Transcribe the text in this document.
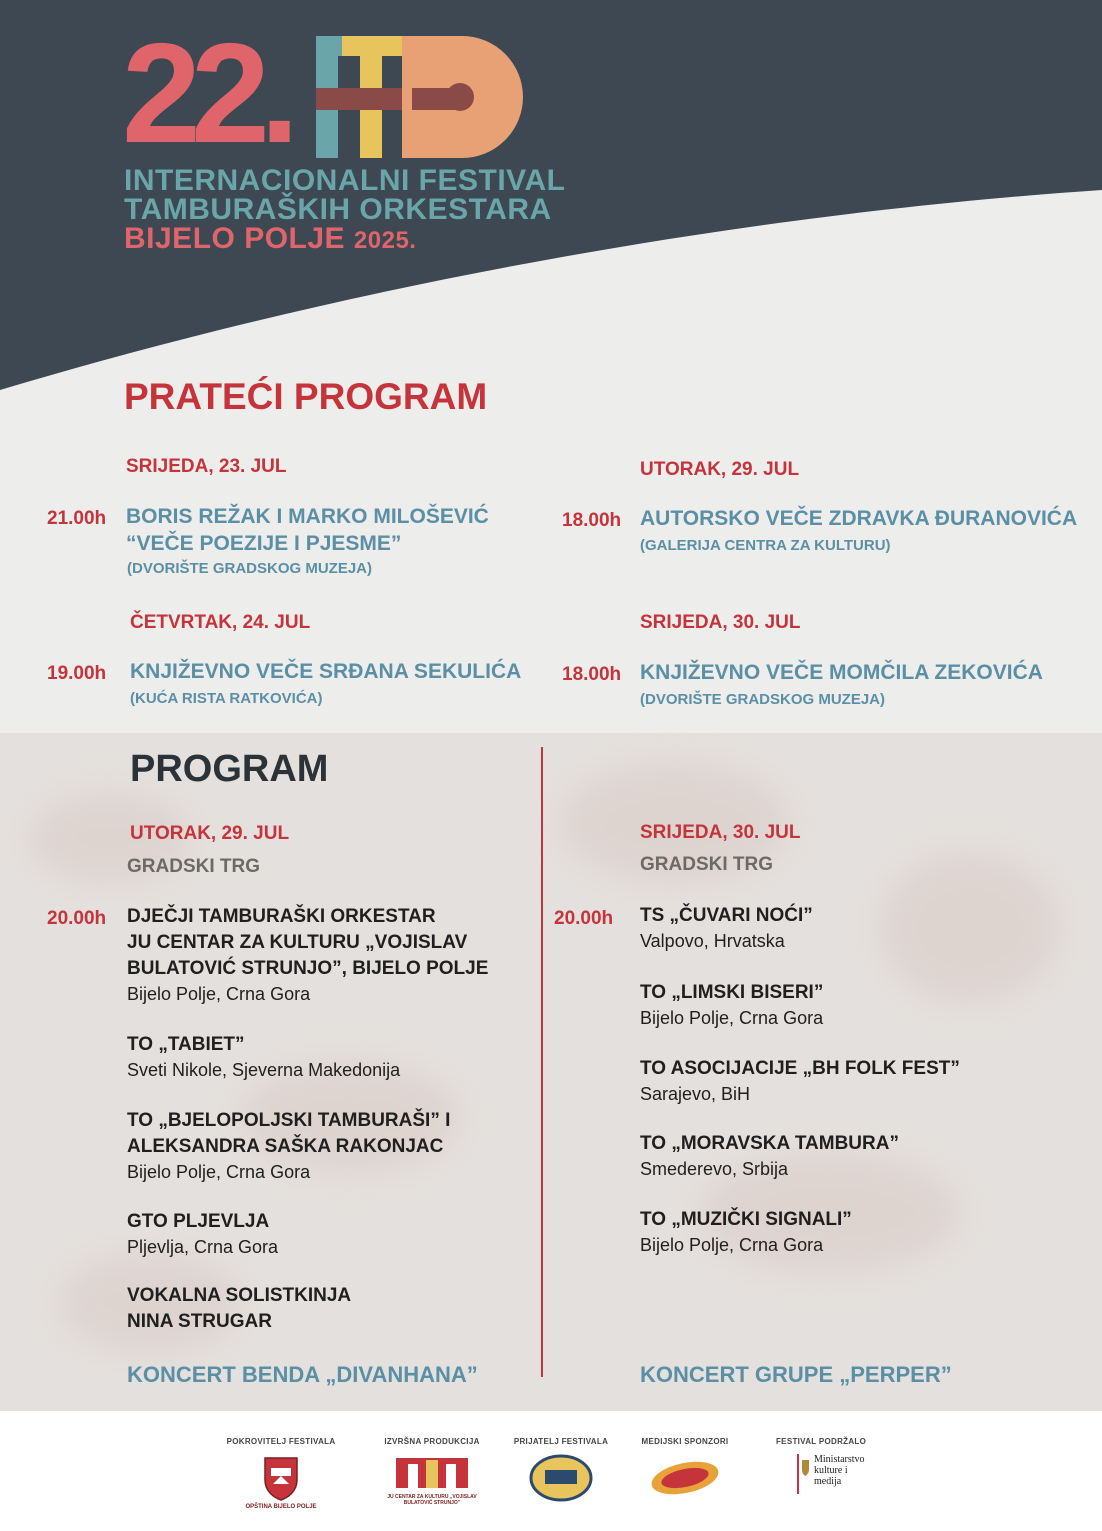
22.
INTERNACIONALNI FESTIVAL
TAMBURAŠKIH ORKESTARA
BIJELO POLJE 2025.
PRATEĆI PROGRAM
SRIJEDA, 23. JUL
21.00h BORIS REŽAK I MARKO MILOŠEVIĆ
“VEČE POEZIJE I PJESME”
(DVORIŠTE GRADSKOG MUZEJA)
ČETVRTAK, 24. JUL
19.00h KNJIŽEVNO VEČE SRĐANA SEKULIĆA
(KUĆA RISTA RATKOVIĆA)
UTORAK, 29. JUL
18.00h AUTORSKO VEČE ZDRAVKA ĐURANOVIĆA
(GALERIJA CENTRA ZA KULTURU)
SRIJEDA, 30. JUL
18.00h KNJIŽEVNO VEČE MOMČILA ZEKOVIĆA
(DVORIŠTE GRADSKOG MUZEJA)
PROGRAM
UTORAK, 29. JUL
GRADSKI TRG
20.00h DJEČJI TAMBURAŠKI ORKESTAR
JU CENTAR ZA KULTURU „VOJISLAV
BULATOVIĆ STRUNJO”, BIJELO POLJE
Bijelo Polje, Crna Gora
TO „TABIET”
Sveti Nikole, Sjeverna Makedonija
TO „BJELOPOLJSKI TAMBURAŠI” I
ALEKSANDRA SAŠKA RAKONJAC
Bijelo Polje, Crna Gora
GTO PLJEVLJA
Pljevlja, Crna Gora
VOKALNA SOLISTKINJA
NINA STRUGAR
KONCERT BENDA „DIVANHANA”
SRIJEDA, 30. JUL
GRADSKI TRG
20.00h TS „ČUVARI NOĆI”
Valpovo, Hrvatska
TO „LIMSKI BISERI”
Bijelo Polje, Crna Gora
TO ASOCIJACIJE „BH FOLK FEST”
Sarajevo, BiH
TO „MORAVSKA TAMBURA”
Smederevo, Srbija
TO „MUZIČKI SIGNALI”
Bijelo Polje, Crna Gora
KONCERT GRUPE „PERPER”
POKROVITELJ FESTIVALA
OPŠTINA BIJELO POLJE
IZVRŠNA PRODUKCIJA
JU CENTAR ZA KULTURU „VOJISLAV BULATOVIĆ STRUNJO”
PRIJATELJ FESTIVALA	MEDIJSKI SPONZORI	FESTIVAL PODRŽALO
Ministarstvo
kulture i
medija
